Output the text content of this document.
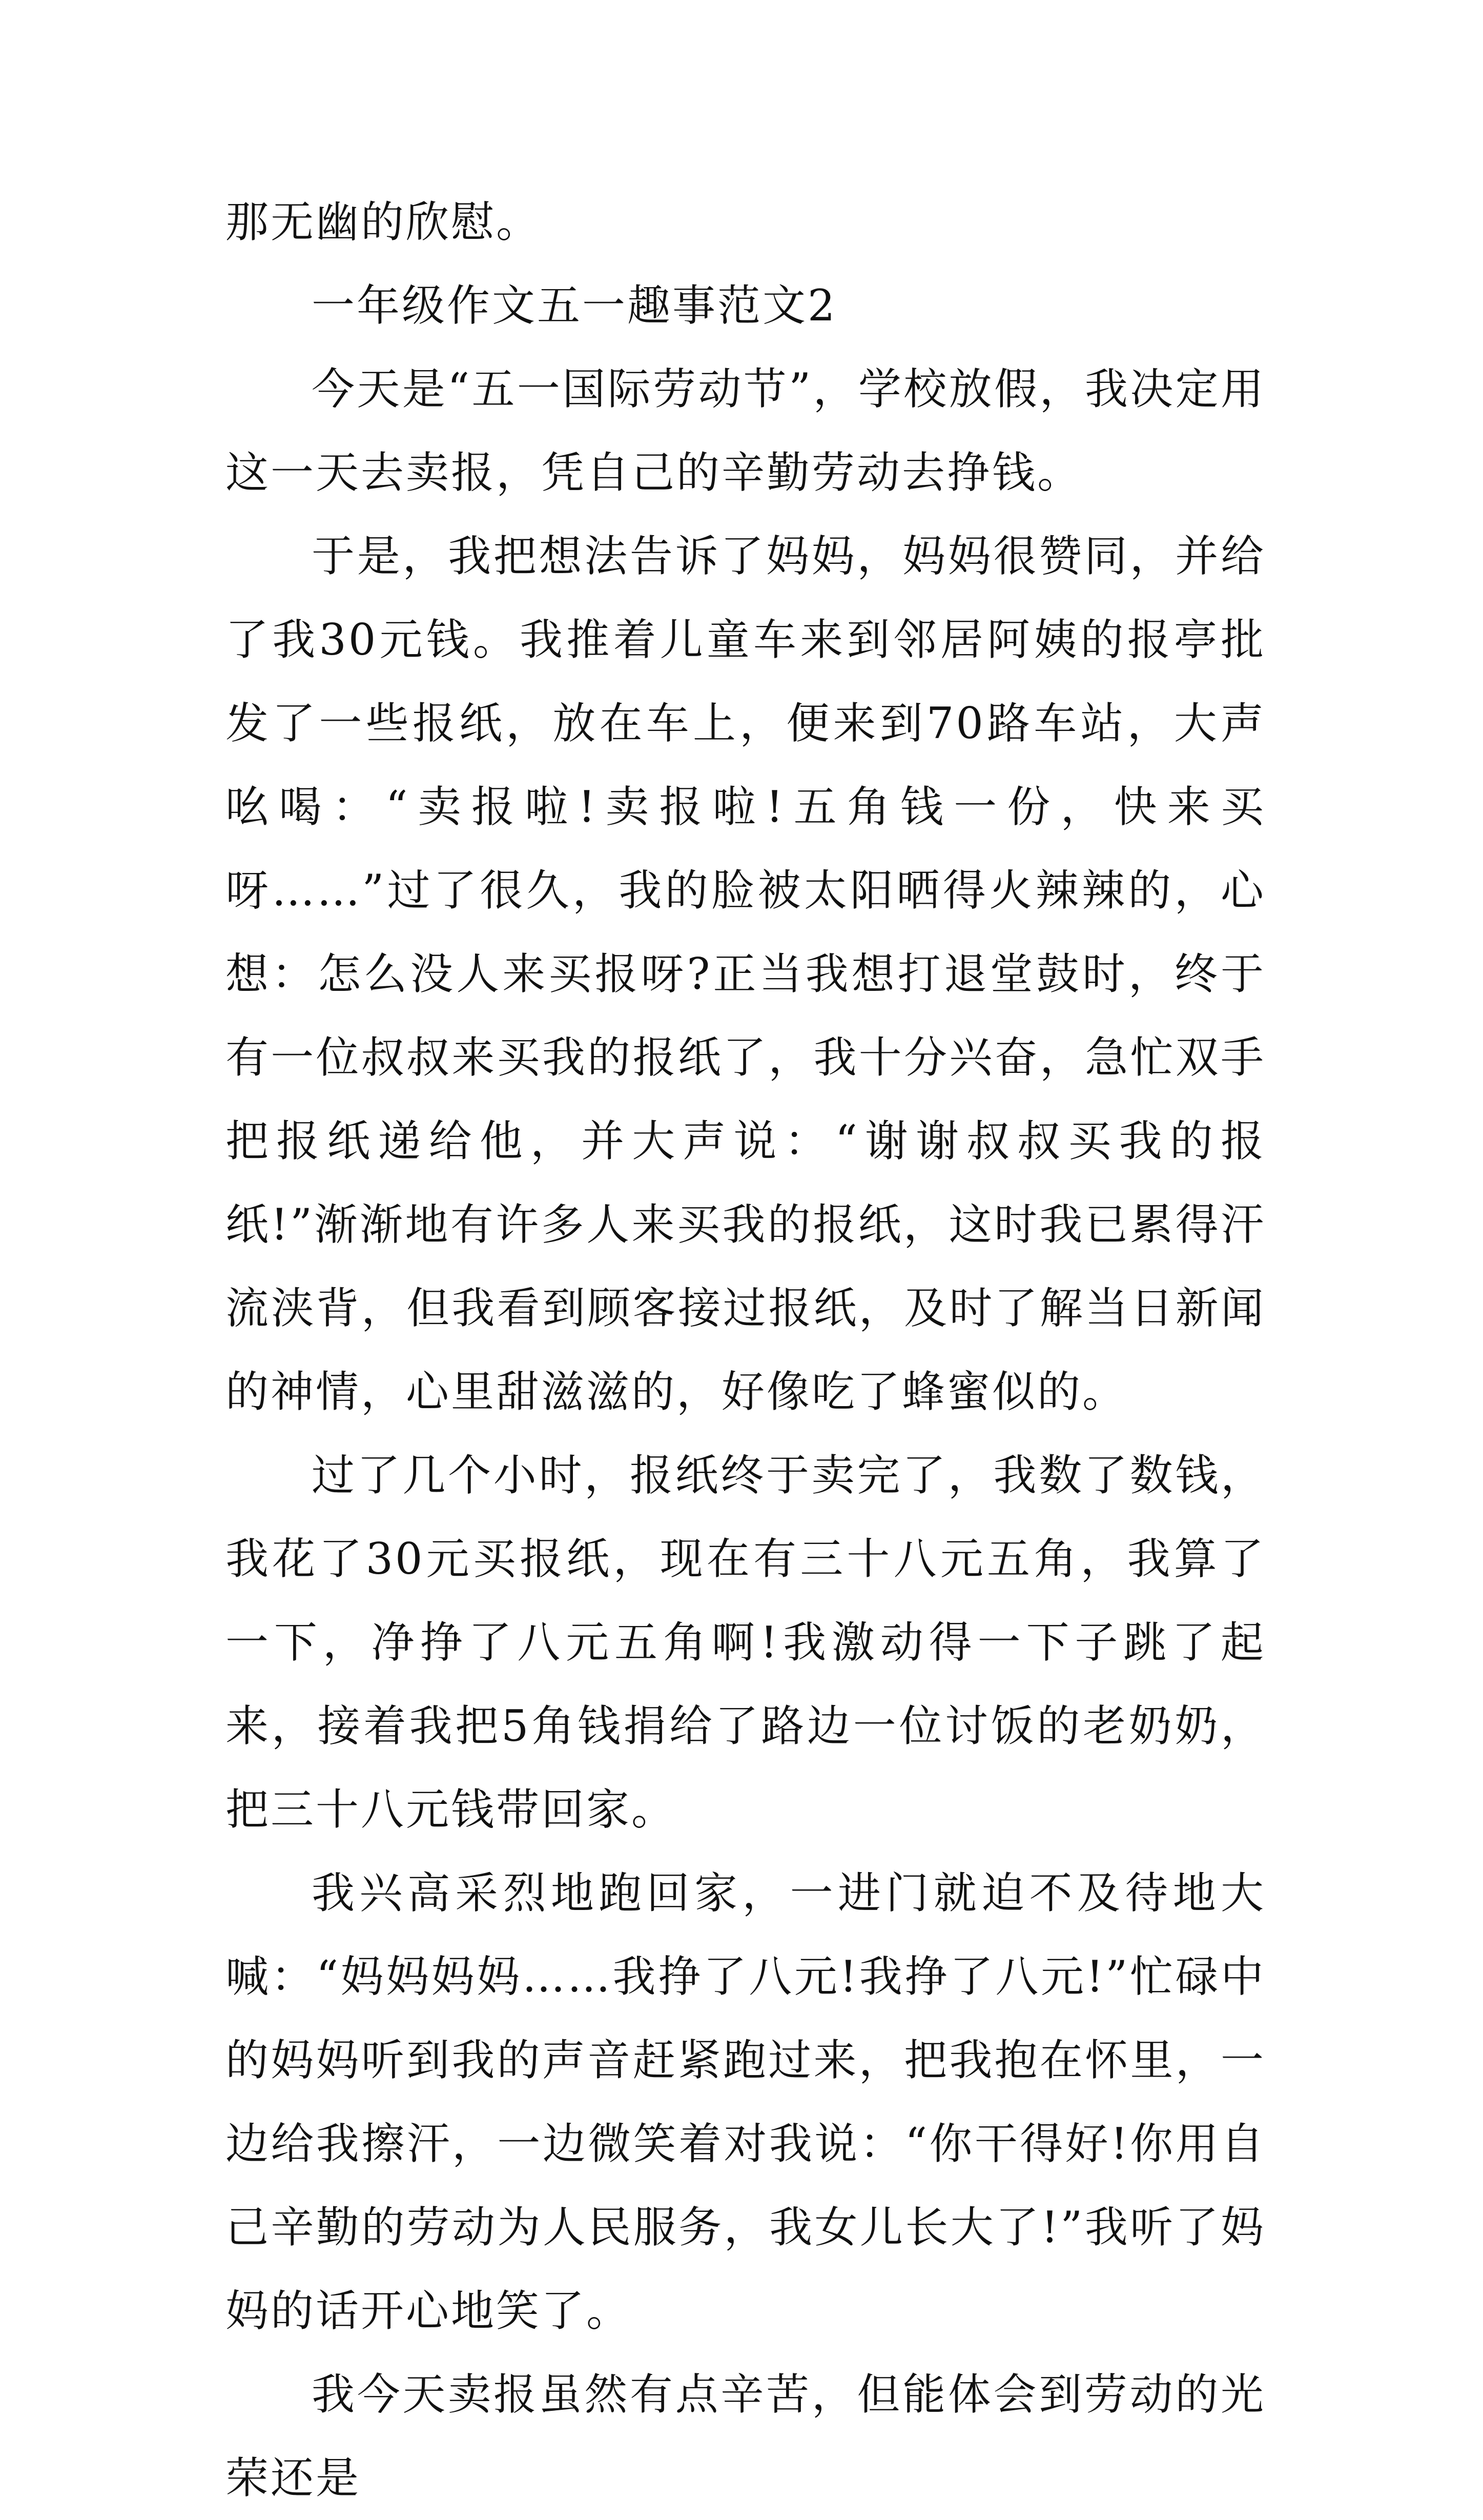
那无幽的欣慰。

一年级作文五一趣事范文2

今天是“五一国际劳动节”，学校放假，我决定用这一天去卖报，凭自己的辛勤劳动去挣钱。

于是，我把想法告诉了妈妈，妈妈很赞同，并给了我30元钱。我推着儿童车来到邻居阿姨的报亭批发了一些报纸，放在车上，便来到70路车站，大声吆喝：“卖报啦!卖报啦!五角钱一份，快来买呀……”过了很久，我的脸被太阳晒得火辣辣的，心想：怎么没人来买报呀?正当我想打退堂鼓时，终于有一位叔叔来买我的报纸了，我十分兴奋，急忙双手把报纸递给他，并大声说：“谢谢叔叔买我的报纸!”渐渐地有许多人来买我的报纸，这时我已累得汗流浃背，但我看到顾客接过报纸，及时了解当日新闻的神情，心里甜滋滋的，好像吃了蜂蜜似的。

过了几个小时，报纸终于卖完了，我数了数钱，我花了30元买报纸，现在有三十八元五角，我算了一下，净挣了八元五角啊!我激动得一下子跳了起来，接着我把5角钱捐给了路边一位讨饭的老奶奶，把三十八元钱带回家。

我兴高采烈地跑回家，一进门就迫不及待地大喊：“妈妈妈妈……我挣了八元!我挣了八元!”忙碌中的妈妈听到我的声音赶紧跑过来，把我抱在怀里，一边给我擦汗，一边微笑着对我说：“你干得好!你用自己辛勤的劳动为人民服务，我女儿长大了!”我听了妈妈的话开心地笑了。

我今天卖报虽然有点辛苦，但能体会到劳动的光荣还是
